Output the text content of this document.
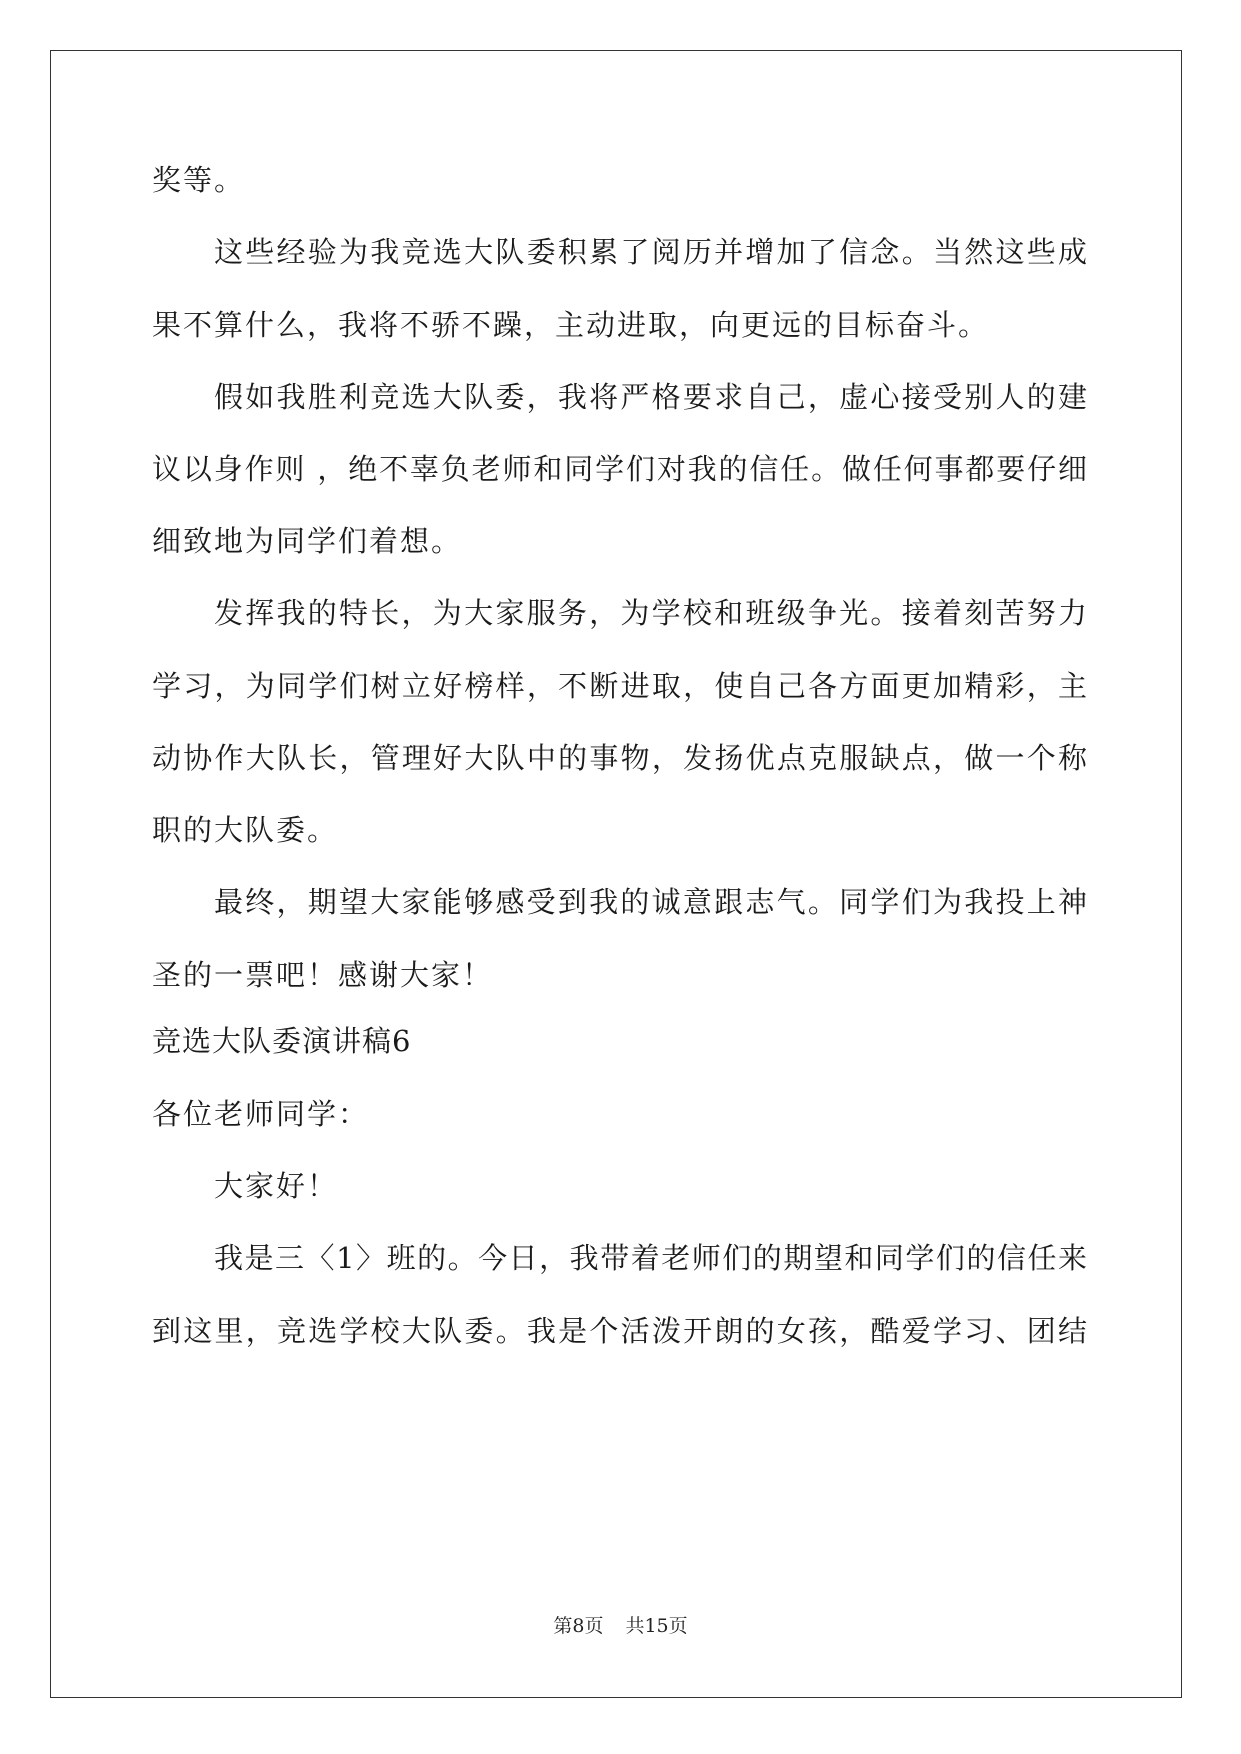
奖等。
这些经验为我竞选大队委积累了阅历并增加了信念。当然这些成
果不算什么，我将不骄不躁，主动进取，向更远的目标奋斗。
假如我胜利竞选大队委，我将严格要求自己，虚心接受别人的建
议以身作则 ，绝不辜负老师和同学们对我的信任。做任何事都要仔细
细致地为同学们着想。
发挥我的特长，为大家服务，为学校和班级争光。接着刻苦努力
学习，为同学们树立好榜样，不断进取，使自己各方面更加精彩，主
动协作大队长，管理好大队中的事物，发扬优点克服缺点，做一个称
职的大队委。
最终，期望大家能够感受到我的诚意跟志气。同学们为我投上神
圣的一票吧！感谢大家！
竞选大队委演讲稿6
各位老师同学：
大家好！
我是三〈1〉班的。今日，我带着老师们的期望和同学们的信任来
到这里，竞选学校大队委。我是个活泼开朗的女孩，酷爱学习、团结
第8页 共15页
